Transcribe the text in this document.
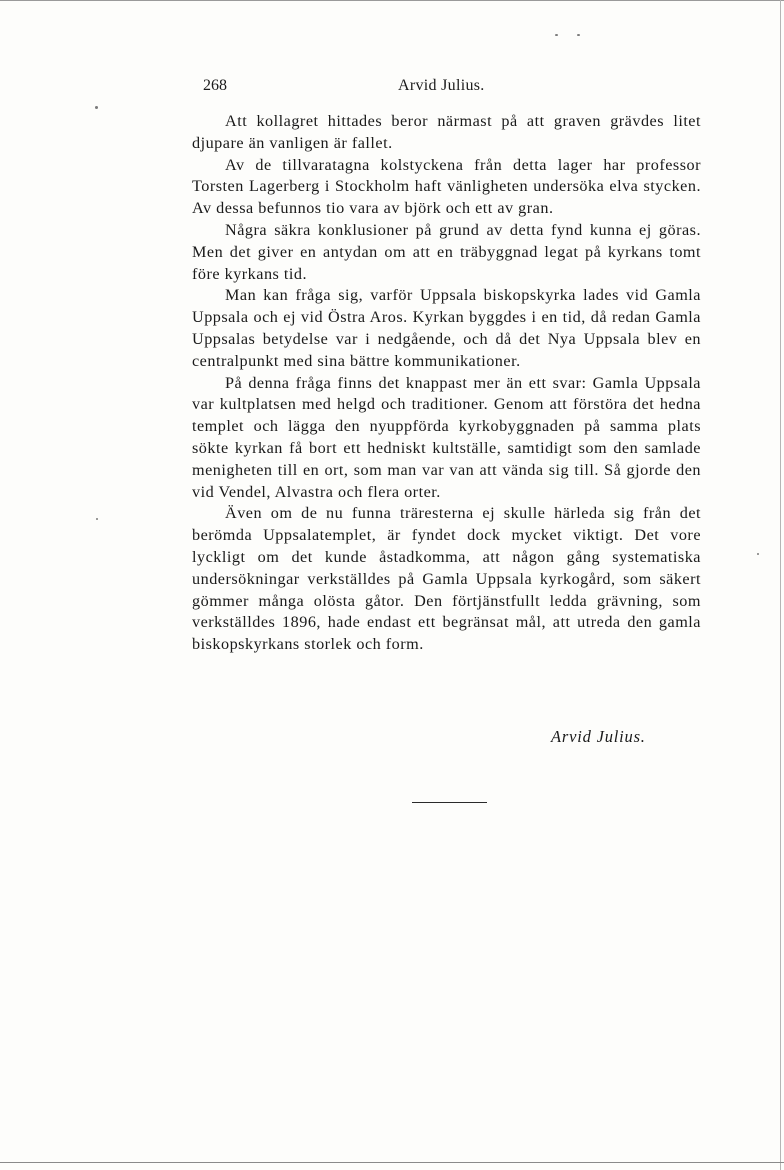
268	Arvid Julius.

Att kollagret hittades beror närmast på att graven grävdes litet djupare än vanligen är fallet.

Av de tillvaratagna kolstyckena från detta lager har professor Torsten Lagerberg i Stockholm haft vänligheten undersöka elva stycken. Av dessa befunnos tio vara av björk och ett av gran.

Några säkra konklusioner på grund av detta fynd kunna ej göras. Men det giver en antydan om att en träbyggnad legat på kyrkans tomt före kyrkans tid.

Man kan fråga sig, varför Uppsala biskopskyrka lades vid Gamla Uppsala och ej vid Östra Aros. Kyrkan byggdes i en tid, då redan Gamla Uppsalas betydelse var i nedgående, och då det Nya Uppsala blev en centralpunkt med sina bättre kommunikationer.

På denna fråga finns det knappast mer än ett svar: Gamla Uppsala var kultplatsen med helgd och traditioner. Genom att förstöra det hedna templet och lägga den nyuppförda kyrkobyggnaden på samma plats sökte kyrkan få bort ett hedniskt kultställe, samtidigt som den samlade menigheten till en ort, som man var van att vända sig till. Så gjorde den vid Vendel, Alvastra och flera orter.

Även om de nu funna träresterna ej skulle härleda sig från det berömda Uppsalatemplet, är fyndet dock mycket viktigt. Det vore lyckligt om det kunde åstadkomma, att någon gång systematiska undersökningar verkställdes på Gamla Uppsala kyrkogård, som säkert gömmer många olösta gåtor. Den förtjänstfullt ledda grävning, som verkställdes 1896, hade endast ett begränsat mål, att utreda den gamla biskopskyrkans storlek och form.

Arvid Julius.
